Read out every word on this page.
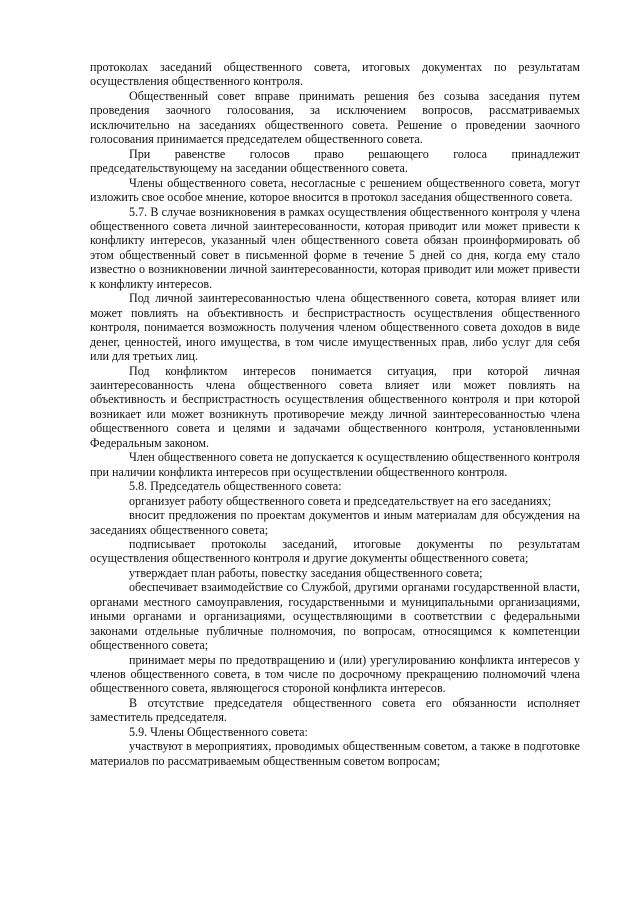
протоколах заседаний общественного совета, итоговых документах по результатам осуществления общественного контроля.

Общественный совет вправе принимать решения без созыва заседания путем проведения заочного голосования, за исключением вопросов, рассматриваемых исключительно на заседаниях общественного совета. Решение о проведении заочного голосования принимается председателем общественного совета.

При равенстве голосов право решающего голоса принадлежит председательствующему на заседании общественного совета.

Члены общественного совета, несогласные с решением общественного совета, могут изложить свое особое мнение, которое вносится в протокол заседания общественного совета.

5.7. В случае возникновения в рамках осуществления общественного контроля у члена общественного совета личной заинтересованности, которая приводит или может привести к конфликту интересов, указанный член общественного совета обязан проинформировать об этом общественный совет в письменной форме в течение 5 дней со дня, когда ему стало известно о возникновении личной заинтересованности, которая приводит или может привести к конфликту интересов.

Под личной заинтересованностью члена общественного совета, которая влияет или может повлиять на объективность и беспристрастность осуществления общественного контроля, понимается возможность получения членом общественного совета доходов в виде денег, ценностей, иного имущества, в том числе имущественных прав, либо услуг для себя или для третьих лиц.

Под конфликтом интересов понимается ситуация, при которой личная заинтересованность члена общественного совета влияет или может повлиять на объективность и беспристрастность осуществления общественного контроля и при которой возникает или может возникнуть противоречие между личной заинтересованностью члена общественного совета и целями и задачами общественного контроля, установленными Федеральным законом.

Член общественного совета не допускается к осуществлению общественного контроля при наличии конфликта интересов при осуществлении общественного контроля.

5.8. Председатель общественного совета:

организует работу общественного совета и председательствует на его заседаниях;

вносит предложения по проектам документов и иным материалам для обсуждения на заседаниях общественного совета;

подписывает протоколы заседаний, итоговые документы по результатам осуществления общественного контроля и другие документы общественного совета;

утверждает план работы, повестку заседания общественного совета;

обеспечивает взаимодействие со Службой, другими органами государственной власти, органами местного самоуправления, государственными и муниципальными организациями, иными органами и организациями, осуществляющими в соответствии с федеральными законами отдельные публичные полномочия, по вопросам, относящимся к компетенции общественного совета;

принимает меры по предотвращению и (или) урегулированию конфликта интересов у членов общественного совета, в том числе по досрочному прекращению полномочий члена общественного совета, являющегося стороной конфликта интересов.

В отсутствие председателя общественного совета его обязанности исполняет заместитель председателя.

5.9. Члены Общественного совета:

участвуют в мероприятиях, проводимых общественным советом, а также в подготовке материалов по рассматриваемым общественным советом вопросам;
